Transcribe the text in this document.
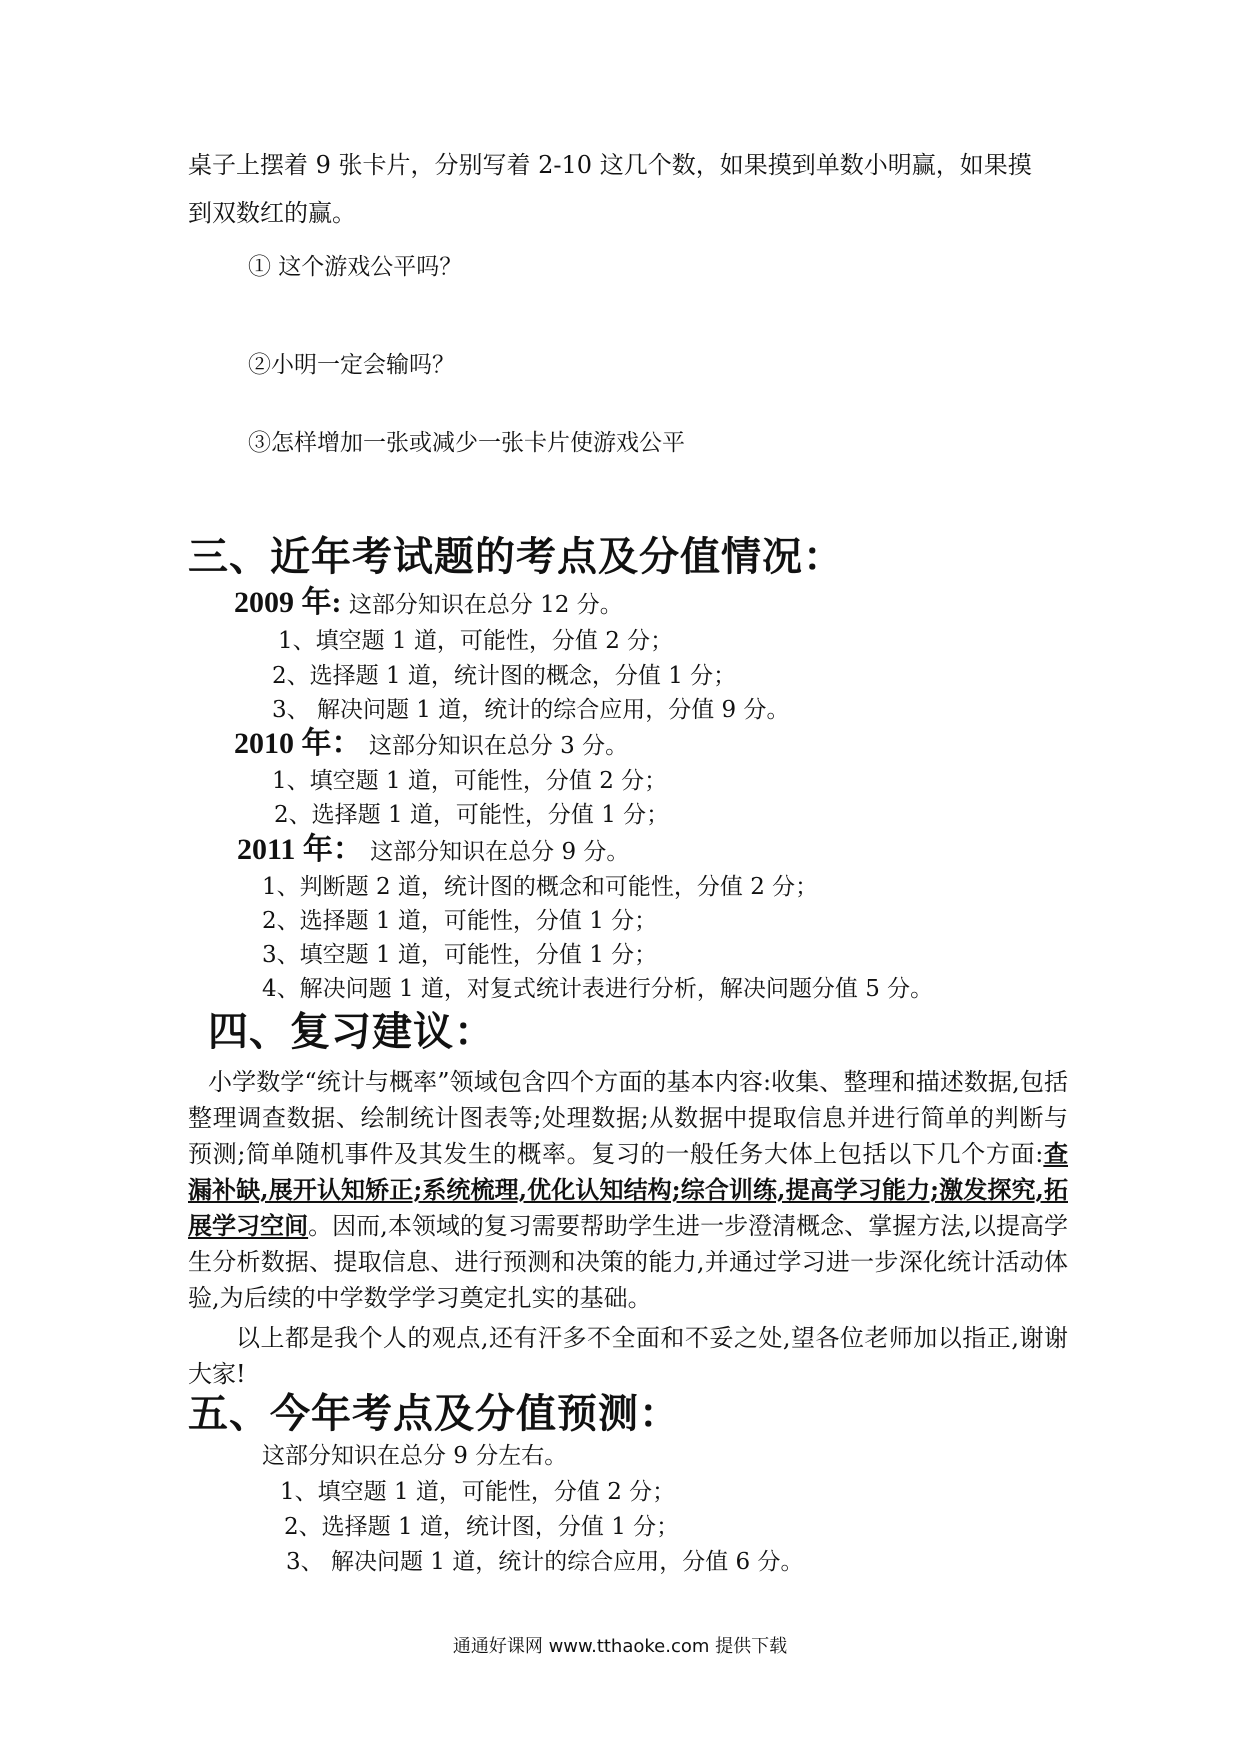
桌子上摆着 9 张卡片，分别写着 2-10 这几个数，如果摸到单数小明赢，如果摸
到双数红的赢。
① 这个游戏公平吗？
②小明一定会输吗？
③怎样增加一张或减少一张卡片使游戏公平
三、近年考试题的考点及分值情况：
2009 年: 这部分知识在总分 12 分。
1、填空题 1 道，可能性，分值 2 分；
2、选择题 1 道，统计图的概念，分值 1 分；
3、 解决问题 1 道，统计的综合应用，分值 9 分。
2010 年： 这部分知识在总分 3 分。
1、填空题 1 道，可能性，分值 2 分；
2、选择题 1 道，可能性，分值 1 分；
2011 年： 这部分知识在总分 9 分。
1、判断题 2 道，统计图的概念和可能性，分值 2 分；
2、选择题 1 道，可能性，分值 1 分；
3、填空题 1 道，可能性，分值 1 分；
4、解决问题 1 道，对复式统计表进行分析，解决问题分值 5 分。
四、复习建议：
小学数学“统计与概率”领域包含四个方面的基本内容:收集、整理和描述数据,包括整理调查数据、绘制统计图表等;处理数据;从数据中提取信息并进行简单的判断与预测;简单随机事件及其发生的概率。复习的一般任务大体上包括以下几个方面:查漏补缺,展开认知矫正;系统梳理,优化认知结构;综合训练,提高学习能力;激发探究,拓展学习空间。因而,本领域的复习需要帮助学生进一步澄清概念、掌握方法,以提高学生分析数据、提取信息、进行预测和决策的能力,并通过学习进一步深化统计活动体验,为后续的中学数学学习奠定扎实的基础。
以上都是我个人的观点,还有汗多不全面和不妥之处,望各位老师加以指正,谢谢大家!
五、今年考点及分值预测：
这部分知识在总分 9 分左右。
1、填空题 1 道，可能性，分值 2 分；
2、选择题 1 道，统计图，分值 1 分；
3、 解决问题 1 道，统计的综合应用，分值 6 分。
通通好课网 www.tthaoke.com 提供下载
